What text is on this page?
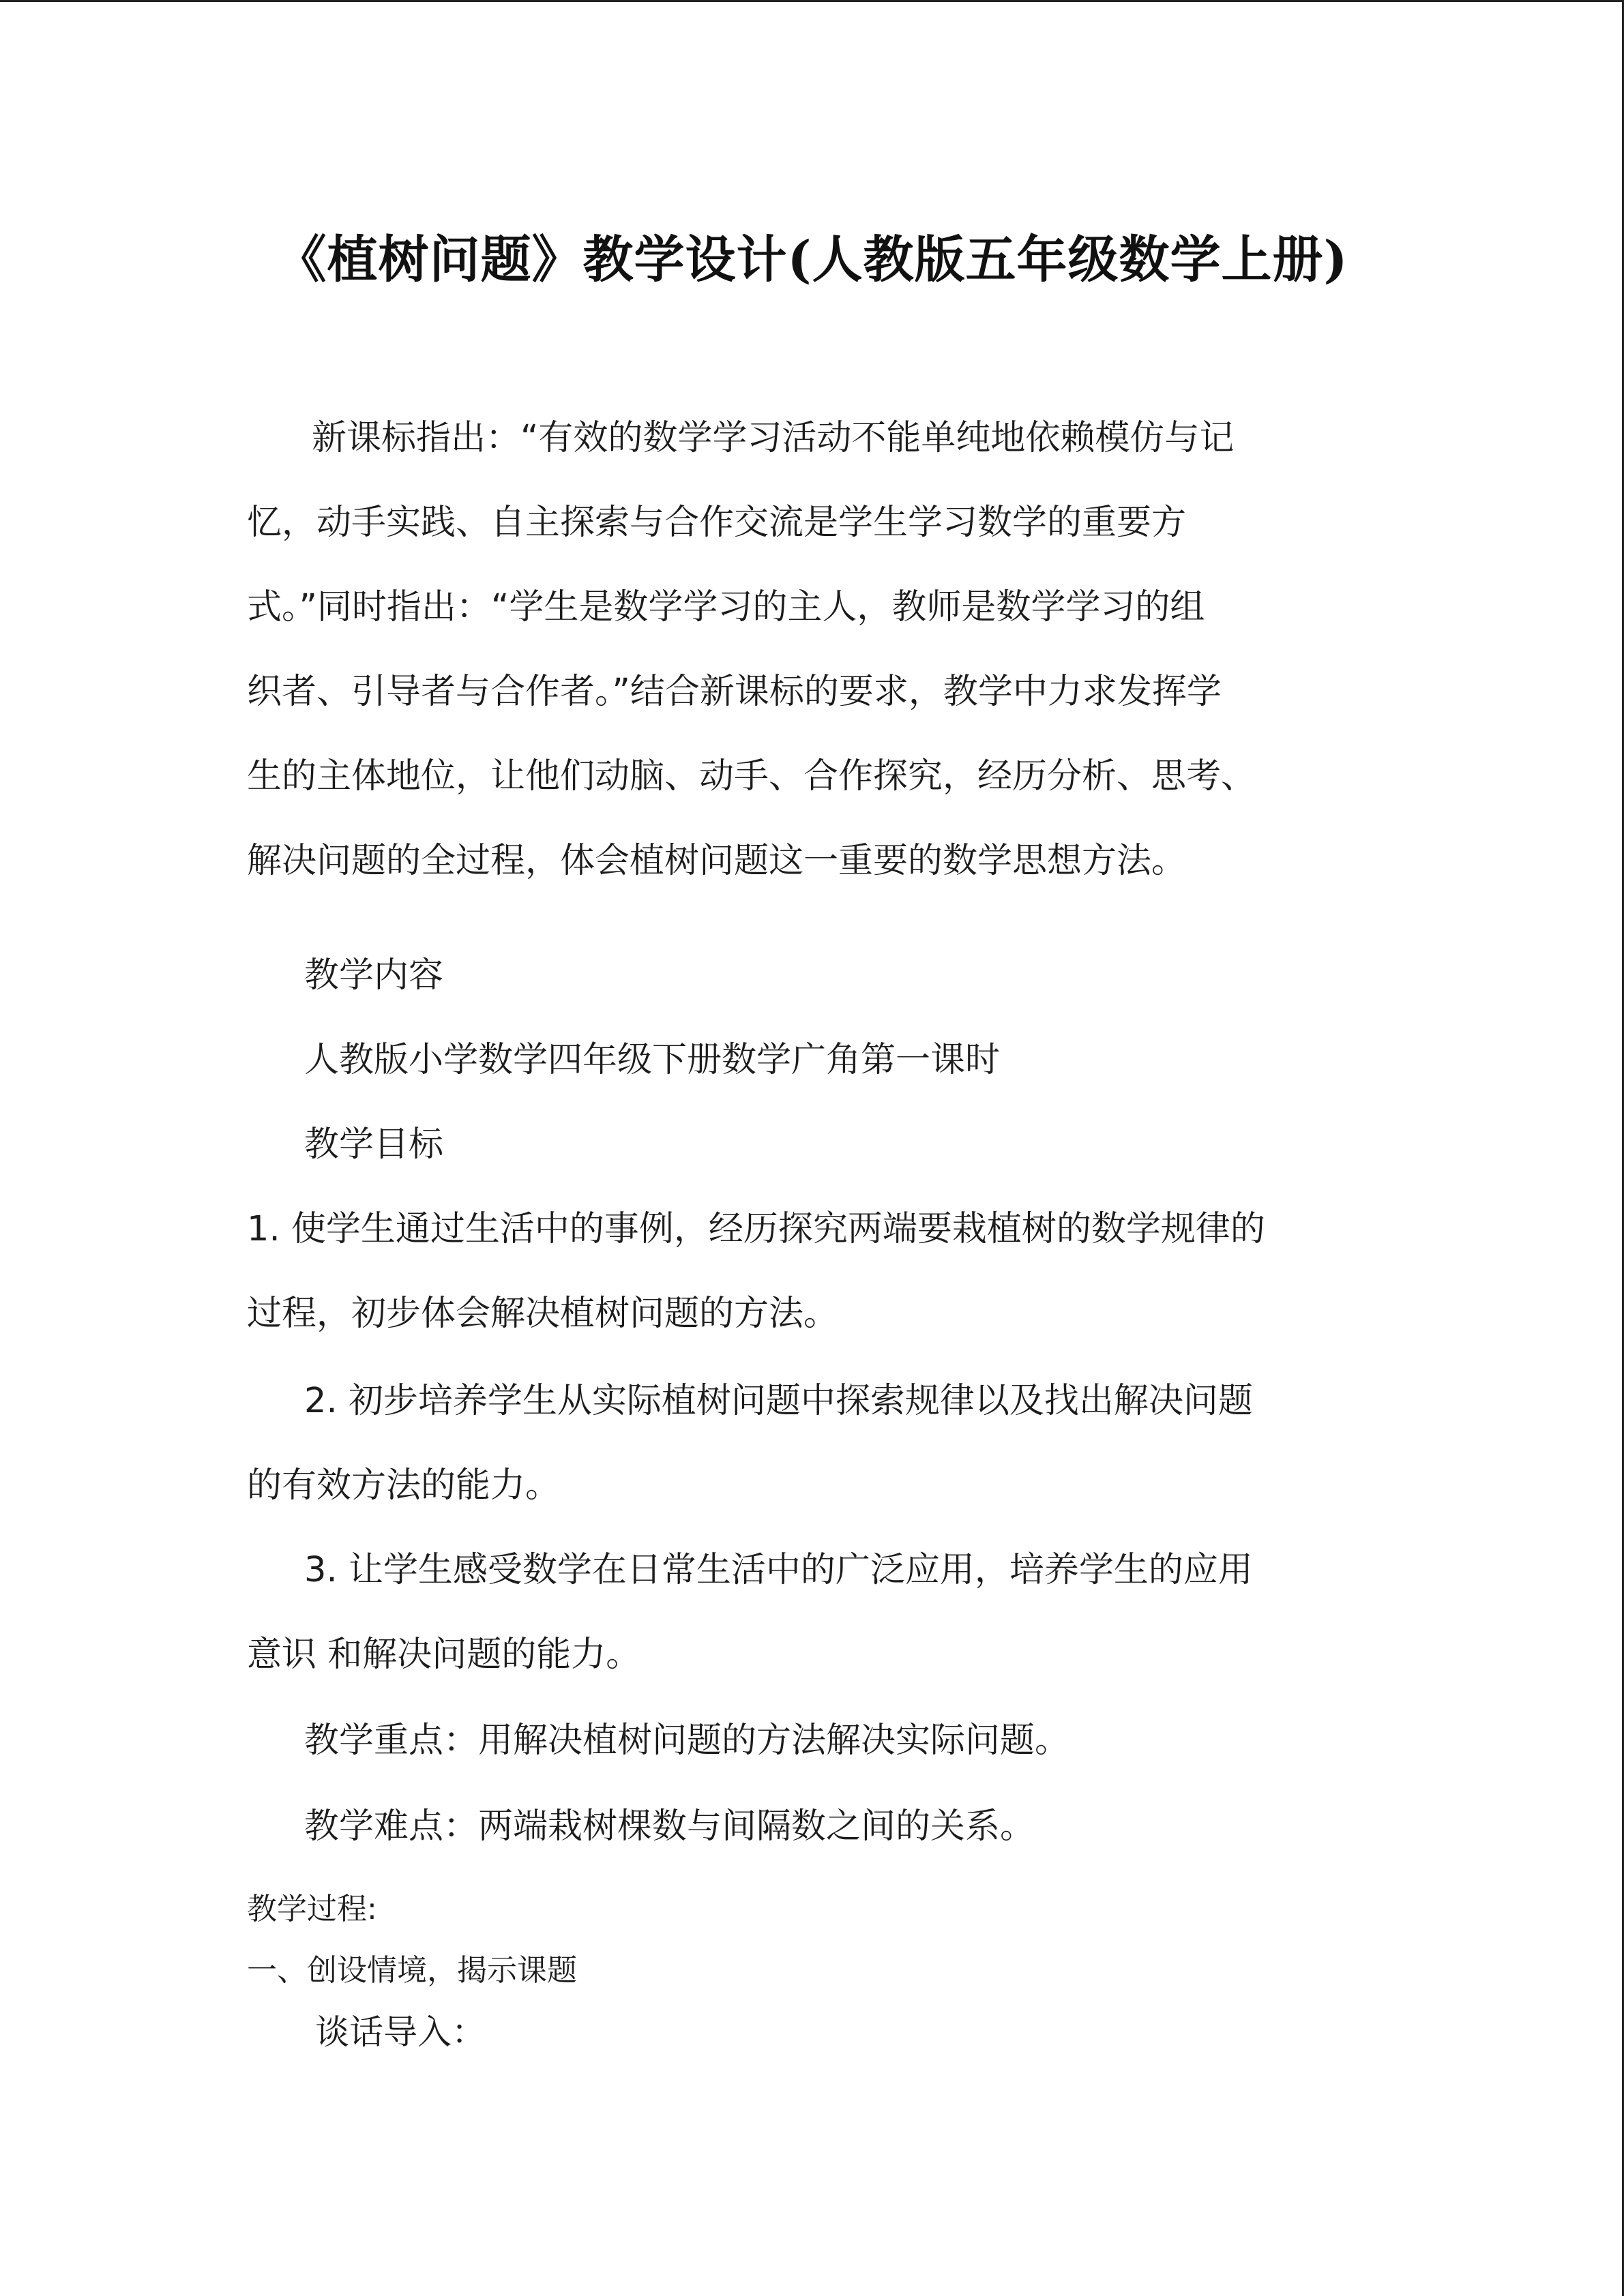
《植树问题》教学设计(人教版五年级数学上册)
新课标指出：“有效的数学学习活动不能单纯地依赖模仿与记
忆，动手实践、自主探索与合作交流是学生学习数学的重要方
式。”同时指出：“学生是数学学习的主人，教师是数学学习的组
织者、引导者与合作者。”结合新课标的要求，教学中力求发挥学
生的主体地位，让他们动脑、动手、合作探究，经历分析、思考、
解决问题的全过程，体会植树问题这一重要的数学思想方法。
教学内容
人教版小学数学四年级下册数学广角第一课时
教学目标
1. 使学生通过生活中的事例，经历探究两端要栽植树的数学规律的
过程，初步体会解决植树问题的方法。
2. 初步培养学生从实际植树问题中探索规律以及找出解决问题
的有效方法的能力。
3. 让学生感受数学在日常生活中的广泛应用，培养学生的应用
意识 和解决问题的能力。
教学重点：用解决植树问题的方法解决实际问题。
教学难点：两端栽树棵数与间隔数之间的关系。
教学过程:
一、创设情境，揭示课题
谈话导入：
